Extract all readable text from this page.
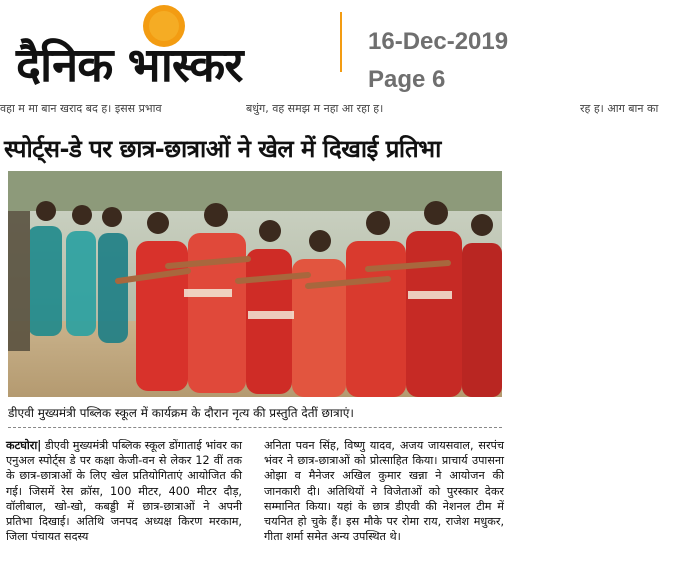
दैनिक भास्कर	16-Dec-2019
Page 6
वहा म मा बान खराद बद ह। इसस प्रभाव	बधुंग, वह समझ म नहा आ रहा ह।	रह ह। आग बान का
स्पोर्ट्स-डे पर छात्र-छात्राओं ने खेल में दिखाई प्रतिभा
डीएवी मुख्यमंत्री पब्लिक स्कूल में कार्यक्रम के दौरान नृत्य की प्रस्तुति देतीं छात्राएं।
कटघोरा| डीएवी मुख्यमंत्री पब्लिक स्कूल डोंगाताई भांवर का एनुअल स्पोर्ट्स डे पर कक्षा केजी-वन से लेकर 12 वीं तक के छात्र-छात्राओं के लिए खेल प्रतियोगिताएं आयोजित की गई। जिसमें रेस क्रॉस, 100 मीटर, 400 मीटर दौड़, वॉलीबाल, खो-खो, कबड्डी में छात्र-छात्राओं ने अपनी प्रतिभा दिखाई। अतिथि जनपद अध्यक्ष किरण मरकाम, जिला पंचायत सदस्य
अनिता पवन सिंह, विष्णु यादव, अजय जायसवाल, सरपंच भंवर ने छात्र-छात्राओं को प्रोत्साहित किया। प्राचार्य उपासना ओझा व मैनेजर अखिल कुमार खन्ना ने आयोजन की जानकारी दी। अतिथियों ने विजेताओं को पुरस्कार देकर सम्मानित किया। यहां के छात्र डीएवी की नेशनल टीम में चयनित हो चुके हैं। इस मौके पर रोमा राय, राजेश मधुकर, गीता शर्मा समेत अन्य उपस्थित थे।
